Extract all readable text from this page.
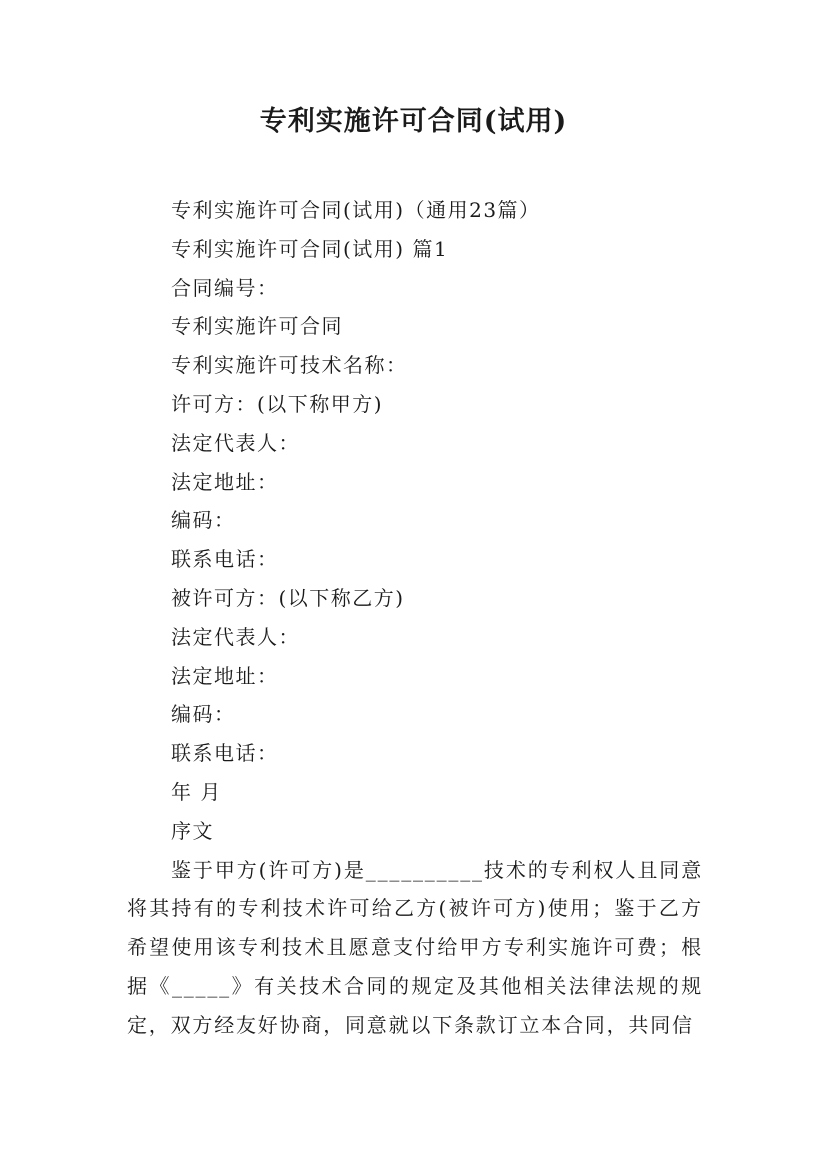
专利实施许可合同(试用)

专利实施许可合同(试用)（通用23篇）

专利实施许可合同(试用) 篇1

合同编号：

专利实施许可合同

专利实施许可技术名称：

许可方：(以下称甲方)

法定代表人：

法定地址：

编码：

联系电话：

被许可方：(以下称乙方)

法定代表人：

法定地址：

编码：

联系电话：

年 月

序文

鉴于甲方(许可方)是__________技术的专利权人且同意将其持有的专利技术许可给乙方(被许可方)使用；鉴于乙方希望使用该专利技术且愿意支付给甲方专利实施许可费；根据《_____》有关技术合同的规定及其他相关法律法规的规定，双方经友好协商，同意就以下条款订立本合同，共同信
